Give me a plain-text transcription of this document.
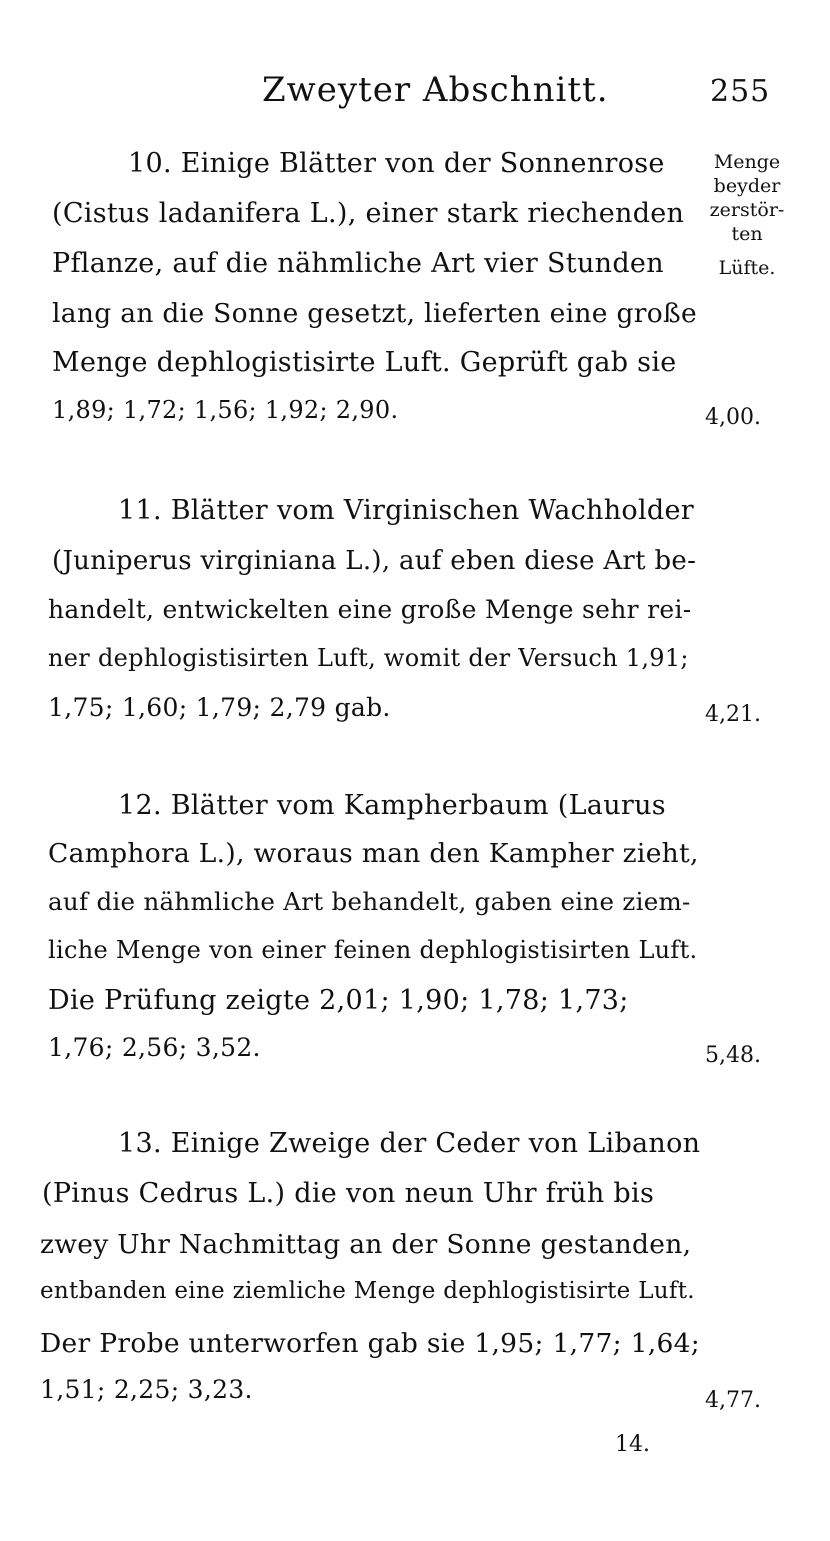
Zweyter Abschnitt.	255
Menge
beyder
zerstör-
ten
Lüfte.
10. Einige Blätter von der Sonnenrose
(Cistus ladanifera L.), einer stark riechenden
Pflanze, auf die nähmliche Art vier Stunden
lang an die Sonne gesetzt, lieferten eine große
Menge dephlogistisirte Luft. Geprüft gab sie
1,89; 1,72; 1,56; 1,92; 2,90.	4,00.
11. Blätter vom Virginischen Wachholder
(Juniperus virginiana L.), auf eben diese Art be-
handelt, entwickelten eine große Menge sehr rei-
ner dephlogistisirten Luft, womit der Versuch 1,91;
1,75; 1,60; 1,79; 2,79 gab.	4,21.
12. Blätter vom Kampherbaum (Laurus
Camphora L.), woraus man den Kampher zieht,
auf die nähmliche Art behandelt, gaben eine ziem-
liche Menge von einer feinen dephlogistisirten Luft.
Die Prüfung zeigte 2,01; 1,90; 1,78; 1,73;
1,76; 2,56; 3,52.	5,48.
13. Einige Zweige der Ceder von Libanon
(Pinus Cedrus L.) die von neun Uhr früh bis
zwey Uhr Nachmittag an der Sonne gestanden,
entbanden eine ziemliche Menge dephlogistisirte Luft.
Der Probe unterworfen gab sie 1,95; 1,77; 1,64;
1,51; 2,25; 3,23.	4,77.
14.
